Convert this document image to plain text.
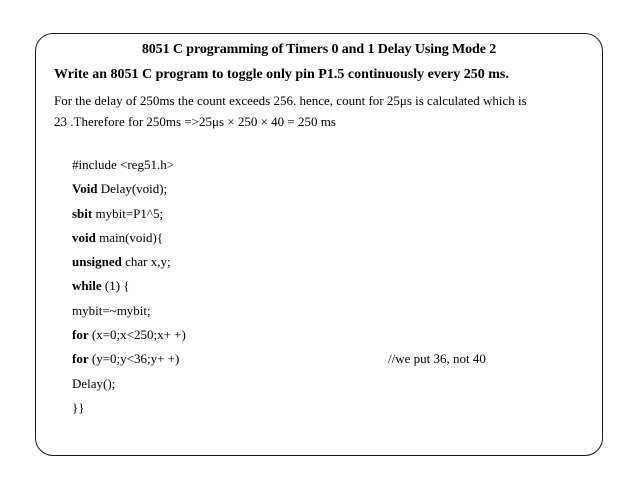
8051 C programming of Timers 0 and 1 Delay Using Mode 2
Write an 8051 C program to toggle only pin P1.5 continuously every 250 ms.
For the delay of 250ms the count exceeds 256. hence, count for 25μs is calculated which is
23 .Therefore for 250ms =>25μs × 250 × 40 = 250 ms
#include <reg51.h>
Void Delay(void);
sbit mybit=P1^5;
void main(void){
unsigned char x,y;
while (1) {
mybit=~mybit;
for (x=0;x<250;x+ +)
for (y=0;y<36;y+ +)	//we put 36, not 40
Delay();
}}
